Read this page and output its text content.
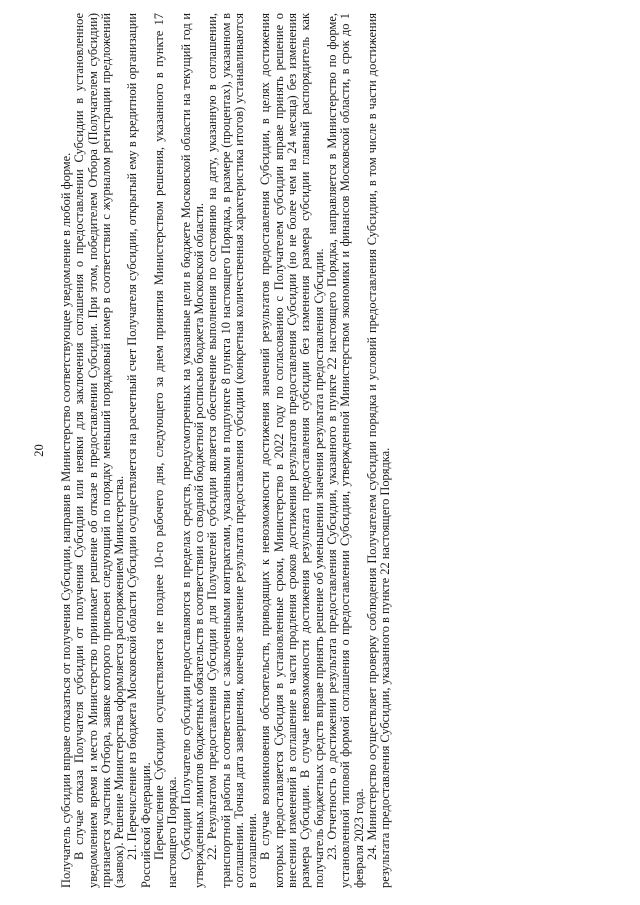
20 Получатель субсидии вправе отказаться от получения Субсидии, направив в Министерство соответствующее уведомление в любой форме. В случае отказа Получателя субсидии от получения Субсидии или неявки для заключения соглашения о предоставлении Субсидии в установленное уведомлением время и место Министерство принимает решение об отказе в предоставлении Субсидии. При этом, победителем Отбора (Получателем субсидии) признается участник Отбора, заявке которого присвоен следующий по порядку меньший порядковый номер в соответствии с журналом регистрации предложений (заявок). Решение Министерства оформляется распоряжением Министерства. 21. Перечисление из бюджета Московской области Субсидии осуществляется на расчетный счет Получателя субсидии, открытый ему в кредитной организации Российской Федерации. Перечисление Субсидии осуществляется не позднее 10-го рабочего дня, следующего за днем принятия Министерством решения, указанного в пункте 17 настоящего Порядка. Субсидии Получателю субсидии предоставляются в пределах средств, предусмотренных на указанные цели в бюджете Московской области на текущий год и утвержденных лимитов бюджетных обязательств в соответствии со сводной бюджетной росписью бюджета Московской области. 22. Результатом предоставления Субсидии для Получателей субсидии является обеспечение выполнения по состоянию на дату, указанную в соглашении, транспортной работы в соответствии с заключенными контрактами, указанными в подпункте 8 пункта 10 настоящего Порядка, в размере (процентах), указанном в соглашении. Точная дата завершения, конечное значение результата предоставления субсидии (конкретная количественная характеристика итогов) устанавливаются в соглашении. В случае возникновения обстоятельств, приводящих к невозможности достижения значений результатов предоставления Субсидии, в целях достижения которых предоставляется Субсидия в установленные сроки, Министерство в 2022 году по согласованию с Получателем субсидии вправе принять решение о внесении изменений в соглашение в части продления сроков достижения результатов предоставления Субсидии (но не более чем на 24 месяца) без изменения размера Субсидии. В случае невозможности достижения результата предоставления субсидии без изменения размера субсидии главный распорядитель как получатель бюджетных средств вправе принять решение об уменьшении значения результата предоставления Субсидии. 23. Отчетность о достижении результата предоставления Субсидии, указанного в пункте 22 настоящего Порядка, направляется в Министерство по форме, установленной типовой формой соглашения о предоставлении Субсидии, утвержденной Министерством экономики и финансов Московской области, в срок до 1 февраля 2023 года. 24. Министерство осуществляет проверку соблюдения Получателем субсидии порядка и условий предоставления Субсидии, в том числе в части достижения результата предоставления Субсидии, указанного в пункте 22 настоящего Порядка.
